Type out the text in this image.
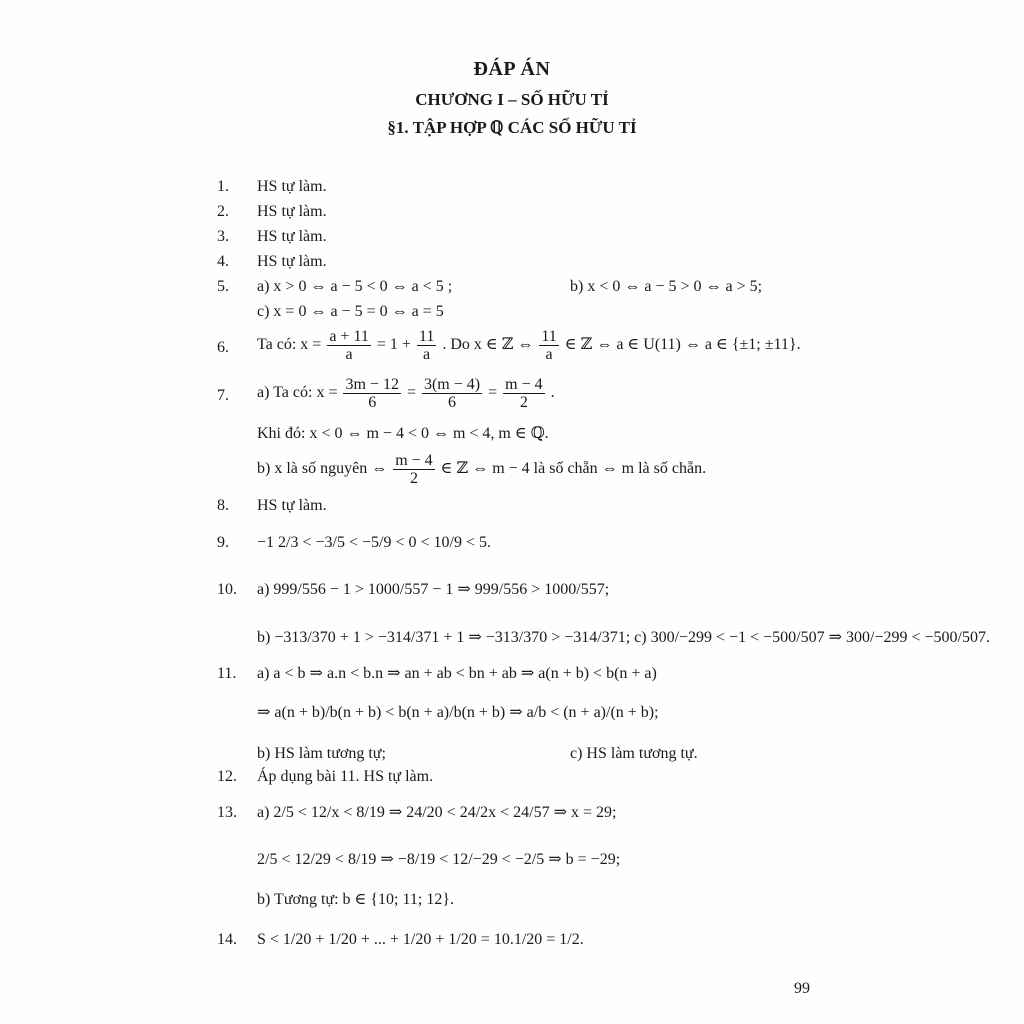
ĐÁP ÁN
CHƯƠNG I – SỐ HỮU TỈ
§1. TẬP HỢP ℚ CÁC SỐ HỮU TỈ
1.
2.
3.
4.
5.
6.
7.
8.
9.
10.
11.
12.
13.
14.
HS tự làm.
HS tự làm.
HS tự làm.
HS tự làm.
a) x > 0 ⇔ a − 5 < 0 ⇔ a < 5 ;	b) x < 0 ⇔ a − 5 > 0 ⇔ a > 5;
c) x = 0 ⇔ a − 5 = 0 ⇔ a = 5
Ta có: $x = \frac{a + 11}{a} = 1 + \frac{11}{a}$ . Do x ∈ ℤ ⇔ $\frac{11}{a}$ ∈ ℤ ⇔ a ∈ U(11) ⇔ a ∈ {±1; ±11}.
a) Ta có: $x = \frac{3m - 12}{6} = \frac{3(m - 4)}{6} = \frac{m - 4}{2}$ .
Khi đó: x < 0 ⇔ m − 4 < 0 ⇔ m < 4, m ∈ ℚ.
b) x là số nguyên ⇔ $\frac{m - 4}{2}$ ∈ ℤ ⇔ m − 4 là số chẵn ⇔ m là số chẵn.
HS tự làm.
−1 2/3 < −3/5 < −5/9 < 0 < 10/9 < 5.
a) 999/556 − 1 > 1000/557 − 1 ⇒ 999/556 > 1000/557;
b) −313/370 + 1 > −314/371 + 1 ⇒ −313/370 > −314/371; c) 300/−299 < −1 < −500/507 ⇒ 300/−299 < −500/507.
a) a < b ⇒ a.n < b.n ⇒ an + ab < bn + ab ⇒ a(n + b) < b(n + a)
⇒ a(n + b)/b(n + b) < b(n + a)/b(n + b) ⇒ a/b < (n + a)/(n + b);
b) HS làm tương tự;	c) HS làm tương tự.
Áp dụng bài 11. HS tự làm.
a) 2/5 < 12/x < 8/19 ⇒ 24/20 < 24/2x < 24/57 ⇒ x = 29;
2/5 < 12/29 < 8/19 ⇒ −8/19 < 12/−29 < −2/5 ⇒ b = −29;
b) Tương tự: b ∈ {10; 11; 12}.
S < 1/20 + 1/20 + ... + 1/20 + 1/20 = 10.1/20 = 1/2.
99
